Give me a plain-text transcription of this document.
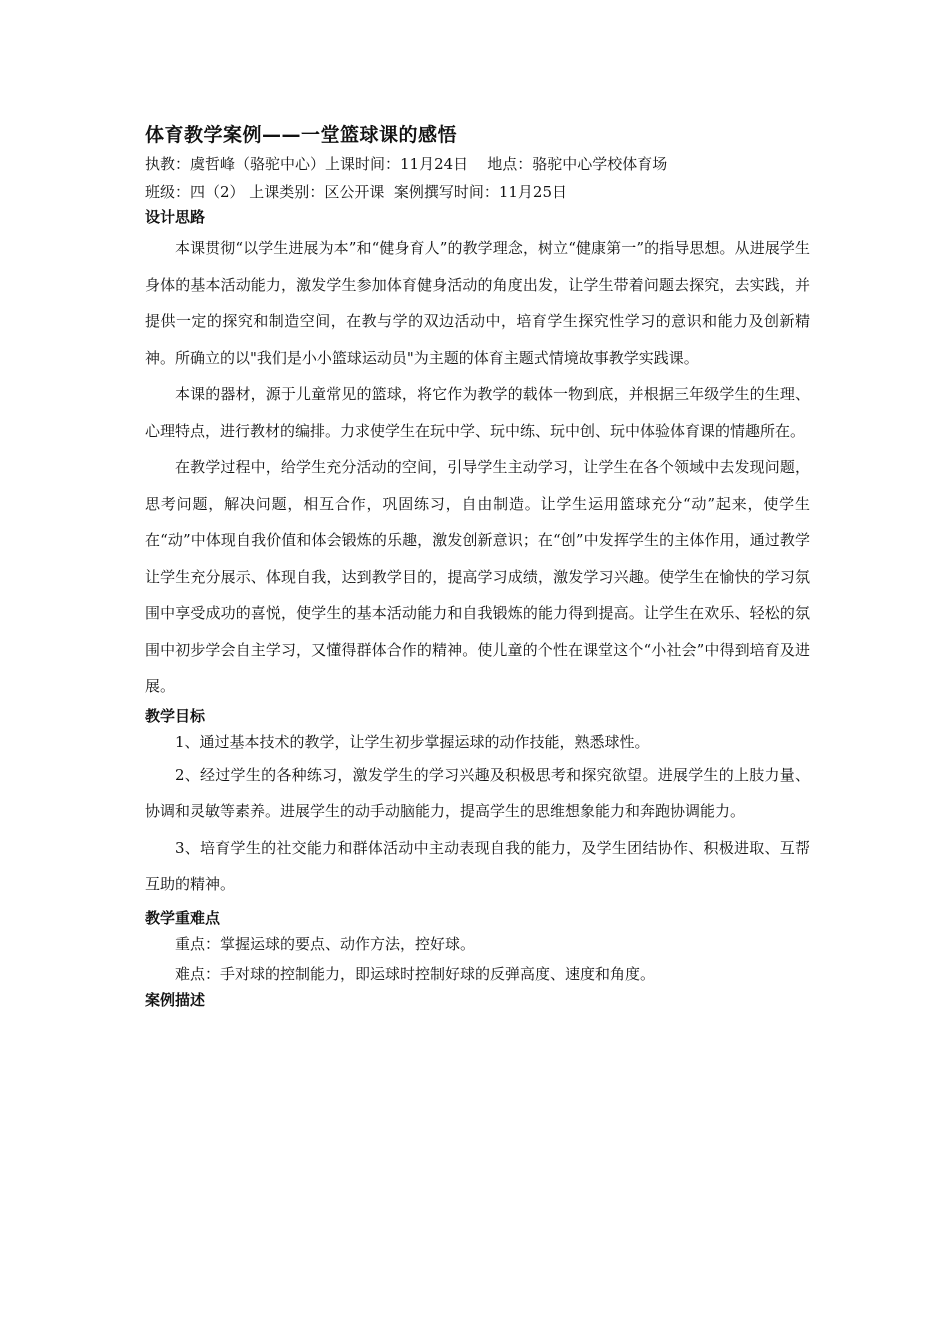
体育教学案例——一堂篮球课的感悟

执教：虞哲峰（骆驼中心）上课时间：11月24日    地点：骆驼中心学校体育场

班级：四（2） 上课类别：区公开课  案例撰写时间：11月25日

设计思路

本课贯彻“以学生进展为本”和“健身育人”的教学理念，树立“健康第一”的指导思想。从进展学生身体的基本活动能力，激发学生参加体育健身活动的角度出发，让学生带着问题去探究，去实践，并提供一定的探究和制造空间，在教与学的双边活动中，培育学生探究性学习的意识和能力及创新精神。所确立的以"我们是小小篮球运动员"为主题的体育主题式情境故事教学实践课。

本课的器材，源于儿童常见的篮球，将它作为教学的载体一物到底，并根据三年级学生的生理、心理特点，进行教材的编排。力求使学生在玩中学、玩中练、玩中创、玩中体验体育课的情趣所在。

在教学过程中，给学生充分活动的空间，引导学生主动学习，让学生在各个领域中去发现问题，思考问题，解决问题，相互合作，巩固练习，自由制造。让学生运用篮球充分“动”起来，使学生在“动”中体现自我价值和体会锻炼的乐趣，激发创新意识；在“创”中发挥学生的主体作用，通过教学让学生充分展示、体现自我，达到教学目的，提高学习成绩，激发学习兴趣。使学生在愉快的学习氛围中享受成功的喜悦，使学生的基本活动能力和自我锻炼的能力得到提高。让学生在欢乐、轻松的氛围中初步学会自主学习，又懂得群体合作的精神。使儿童的个性在课堂这个“小社会”中得到培育及进展。

教学目标

1、通过基本技术的教学，让学生初步掌握运球的动作技能，熟悉球性。

2、经过学生的各种练习，激发学生的学习兴趣及积极思考和探究欲望。进展学生的上肢力量、协调和灵敏等素养。进展学生的动手动脑能力，提高学生的思维想象能力和奔跑协调能力。

3、培育学生的社交能力和群体活动中主动表现自我的能力，及学生团结协作、积极进取、互帮互助的精神。

教学重难点

重点：掌握运球的要点、动作方法，控好球。

难点：手对球的控制能力，即运球时控制好球的反弹高度、速度和角度。

案例描述
